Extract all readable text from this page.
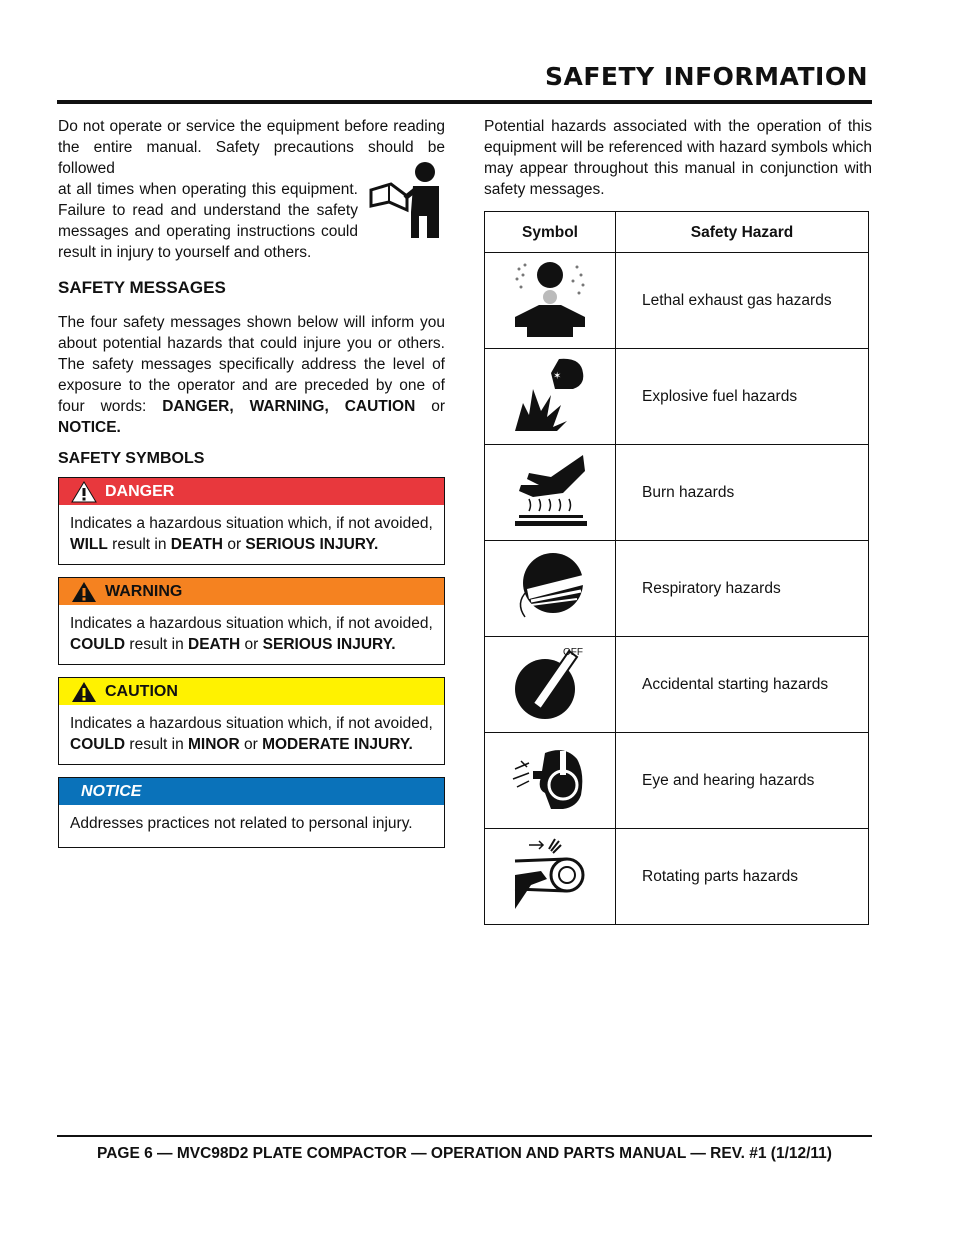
SAFETY INFORMATION

Do not operate or service the equipment before reading the entire manual. Safety precautions should be followed

at all times when operating this equipment. Failure to read and understand the safety messages and operating instructions could result in injury to yourself and others.

SAFETY MESSAGES

The four safety messages shown below will inform you about potential hazards that could injure you or others. The safety messages specifically address the level of exposure to the operator and are preceded by one of four words: DANGER, WARNING, CAUTION or NOTICE.

SAFETY SYMBOLS
DANGER
Indicates a hazardous situation which, if not avoided, WILL result in DEATH or SERIOUS INJURY.
WARNING
Indicates a hazardous situation which, if not avoided, COULD result in DEATH or SERIOUS INJURY.
CAUTION
Indicates a hazardous situation which, if not avoided, COULD result in MINOR or MODERATE INJURY.
NOTICE
Addresses practices not related to personal injury.

Potential hazards associated with the operation of this equipment will be referenced with hazard symbols which may appear throughout this manual in conjunction with safety messages.

Symbol	Safety Hazard
	Lethal exhaust gas hazards

✶	Explosive fuel hazards
	Burn hazards
	Respiratory hazards

OFF	Accidental starting hazards
	Eye and hearing hazards
	Rotating parts hazards
PAGE 6 — MVC98D2 PLATE COMPACTOR — OPERATION AND PARTS MANUAL — REV. #1 (1/12/11)
